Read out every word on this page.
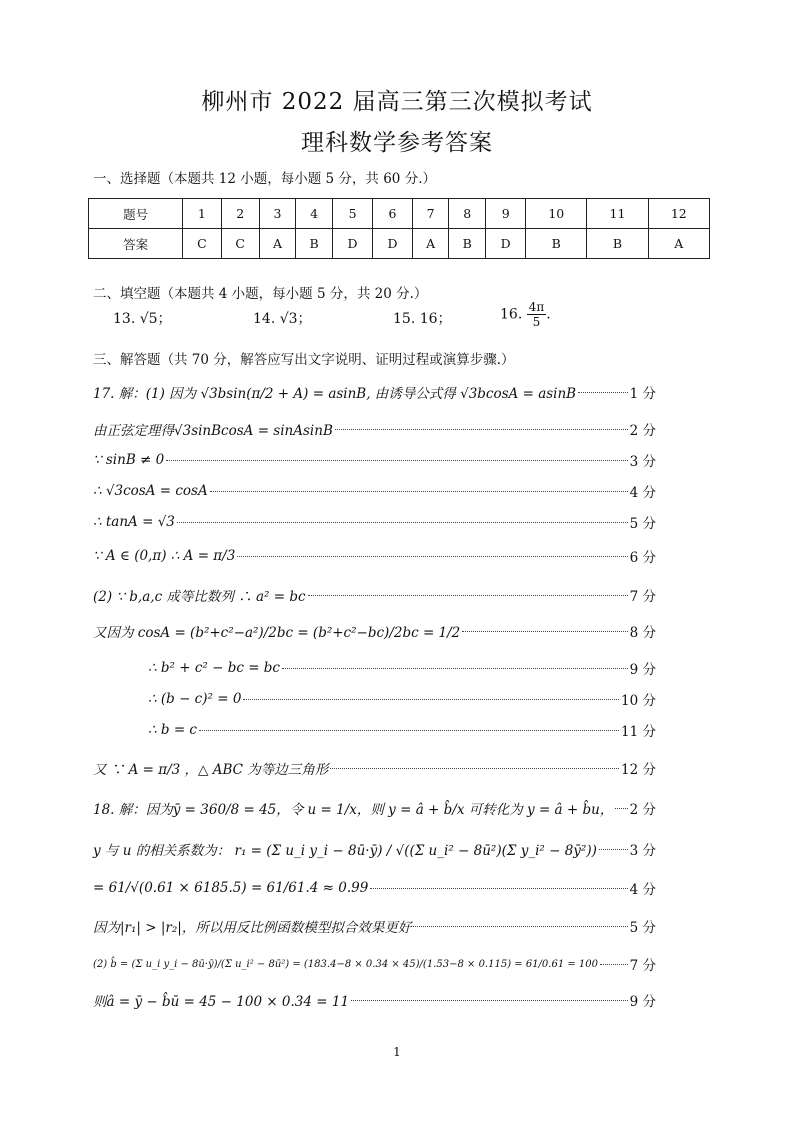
柳州市 2022 届高三第三次模拟考试
理科数学参考答案
一、选择题（本题共 12 小题，每小题 5 分，共 60 分.）
题号	1	2	3	4	5	6	7	8	9	10	11	12
答案	C	C	A	B	D	D	A	B	D	B	B	A
二、填空题（本题共 4 小题，每小题 5 分，共 20 分.）
13. √5；	14. √3；	15. 16；	16. $\frac{4\pi}{5}$ .
三、解答题（共 70 分，解答应写出文字说明、证明过程或演算步骤.）
17. 解：(1) 因为 √3bsin(π/2 + A) = asinB, 由诱导公式得 √3bcosA = asinB	1 分
由正弦定理得√3sinBcosA = sinAsinB	2 分
∵ sinB ≠ 0	3 分
∴ √3cosA = cosA	4 分
∴ tanA = √3	5 分
∵ A ∈ (0,π) ∴ A = π/3	6 分
(2) ∵ b,a,c 成等比数列 ∴ a² = bc	7 分
又因为 cosA = (b²+c²−a²)/2bc = (b²+c²−bc)/2bc = 1/2	8 分
∴ b² + c² − bc = bc	9 分
∴ (b − c)² = 0	10 分
∴ b = c	11 分
又 ∵ A = π/3 ，△ ABC 为等边三角形	12 分
18. 解：因为ȳ = 360/8 = 45，令 u = 1/x，则 y = â + b̂/x 可转化为 y = â + b̂u， 2 分
y 与 u 的相关系数为： r₁ = (Σ u_i y_i − 8ū·ȳ) / √((Σ u_i² − 8ū²)(Σ y_i² − 8ȳ²)) 3 分
= 61/√(0.61 × 6185.5) = 61/61.4 ≈ 0.99	4 分
因为|r₁| > |r₂|，所以用反比例函数模型拟合效果更好	5 分
(2) b̂ = (Σ u_i y_i − 8ū·ȳ)/(Σ u_i² − 8ū²) = (183.4−8 × 0.34 × 45)/(1.53−8 × 0.115) = 61/0.61 = 100 7 分
则â = ȳ − b̂ū = 45 − 100 × 0.34 = 11	9 分
1
